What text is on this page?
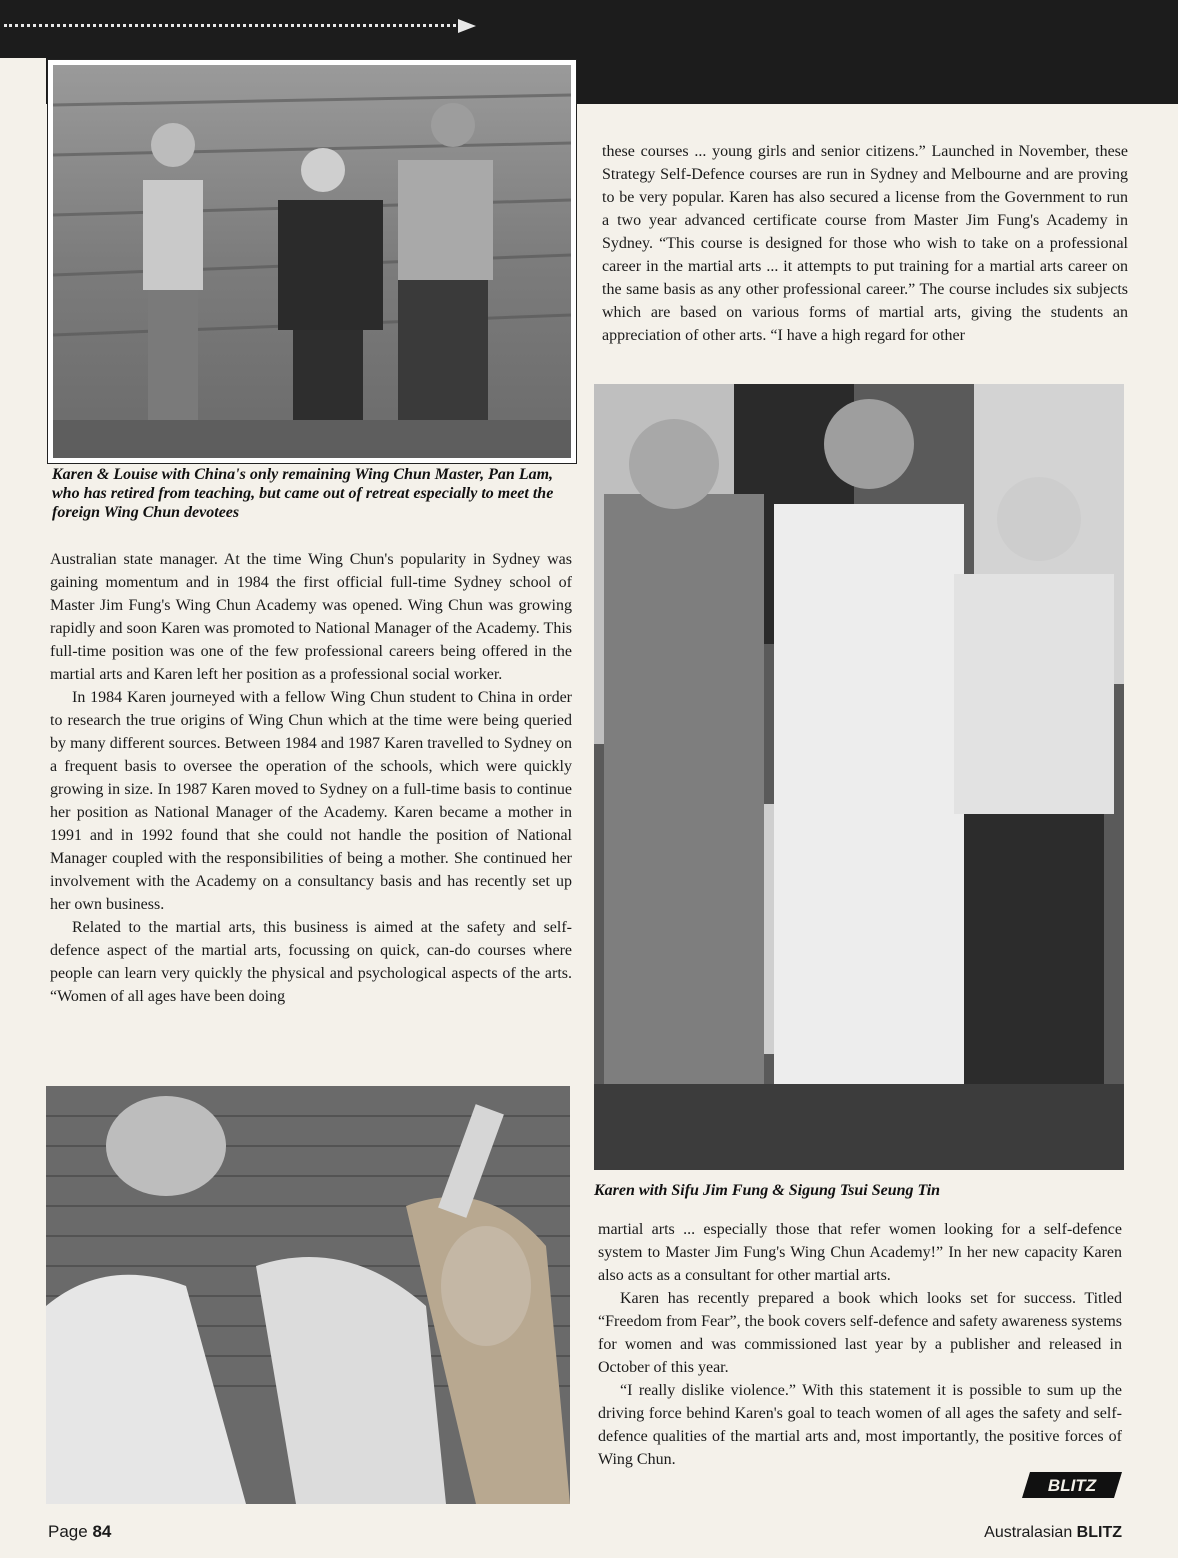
Karen & Louise with China's only remaining Wing Chun Master, Pan Lam, who has retired from teaching, but came out of retreat especially to meet the foreign Wing Chun devotees

Australian state manager. At the time Wing Chun's popularity in Sydney was gaining momentum and in 1984 the first official full-time Sydney school of Master Jim Fung's Wing Chun Academy was opened. Wing Chun was growing rapidly and soon Karen was promoted to National Manager of the Academy. This full-time position was one of the few professional careers being offered in the martial arts and Karen left her position as a professional social worker.

In 1984 Karen journeyed with a fellow Wing Chun student to China in order to research the true origins of Wing Chun which at the time were being queried by many different sources. Between 1984 and 1987 Karen travelled to Sydney on a frequent basis to oversee the operation of the schools, which were quickly growing in size. In 1987 Karen moved to Sydney on a full-time basis to continue her position as National Manager of the Academy. Karen became a mother in 1991 and in 1992 found that she could not handle the position of National Manager coupled with the responsibilities of being a mother. She continued her involvement with the Academy on a consultancy basis and has recently set up her own business.

Related to the martial arts, this business is aimed at the safety and self-defence aspect of the martial arts, focussing on quick, can-do courses where people can learn very quickly the physical and psychological aspects of the arts. “Women of all ages have been doing

these courses ... young girls and senior citizens.” Launched in November, these Strategy Self-Defence courses are run in Sydney and Melbourne and are proving to be very popular. Karen has also secured a license from the Government to run a two year advanced certificate course from Master Jim Fung's Academy in Sydney. “This course is designed for those who wish to take on a professional career in the martial arts ... it attempts to put training for a martial arts career on the same basis as any other professional career.” The course includes six subjects which are based on various forms of martial arts, giving the students an appreciation of other arts. “I have a high regard for other

Karen with Sifu Jim Fung & Sigung Tsui Seung Tin

martial arts ... especially those that refer women looking for a self-defence system to Master Jim Fung's Wing Chun Academy!” In her new capacity Karen also acts as a consultant for other martial arts.

Karen has recently prepared a book which looks set for success. Titled “Freedom from Fear”, the book covers self-defence and safety awareness systems for women and was commissioned last year by a publisher and released in October of this year.

“I really dislike violence.” With this statement it is possible to sum up the driving force behind Karen's goal to teach women of all ages the safety and self-defence qualities of the martial arts and, most importantly, the positive forces of Wing Chun.

BLITZ
Page 84	Australasian BLITZ
